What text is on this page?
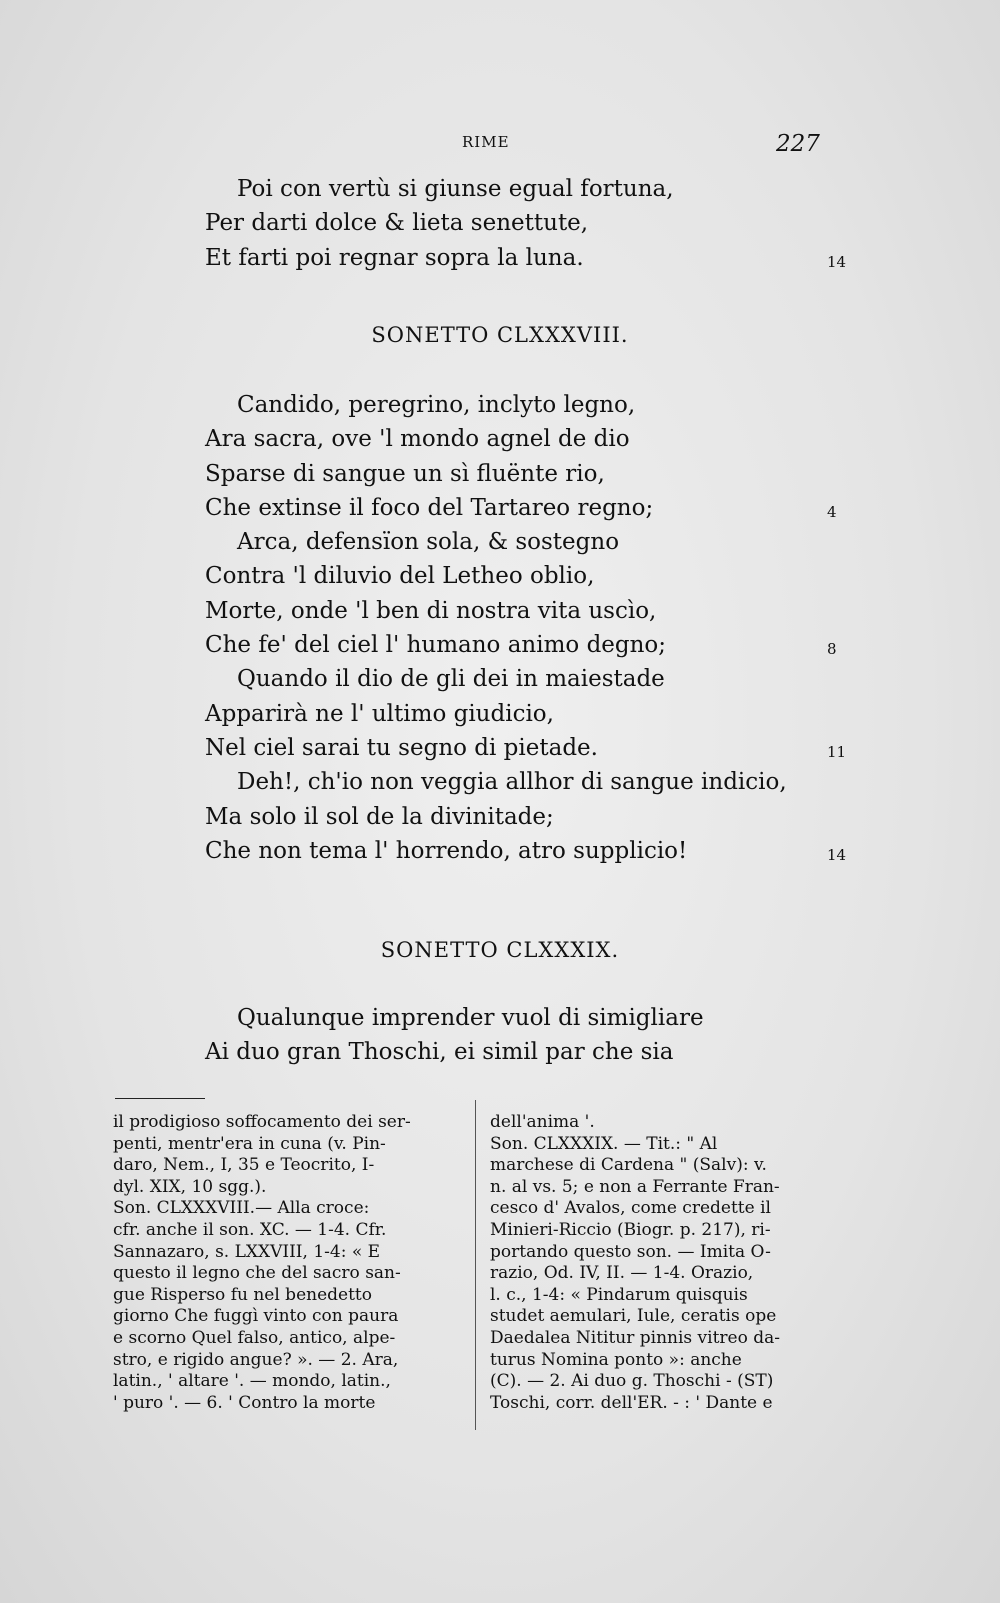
RIME	227
Poi con vertù si giunse egual fortuna,
Per darti dolce & lieta senettute,
Et farti poi regnar sopra la luna.	14
SONETTO CLXXXVIII.
Candido, peregrino, inclyto legno,
Ara sacra, ove 'l mondo agnel de dio
Sparse di sangue un sì fluënte rio,
Che extinse il foco del Tartareo regno;	4
Arca, defensïon sola, & sostegno
Contra 'l diluvio del Letheo oblio,
Morte, onde 'l ben di nostra vita uscìo,
Che fe' del ciel l' humano animo degno;	8
Quando il dio de gli dei in maiestade
Apparirà ne l' ultimo giudicio,
Nel ciel sarai tu segno di pietade.	11
Deh!, ch'io non veggia allhor di sangue indicio,
Ma solo il sol de la divinitade;
Che non tema l' horrendo, atro supplicio!	14
SONETTO CLXXXIX.
Qualunque imprender vuol di simigliare
Ai duo gran Thoschi, ei simil par che sia
il prodigioso soffocamento dei ser-
penti, mentr'era in cuna (v. Pin-
daro, Nem., I, 35 e Teocrito, I-
dyl. XIX, 10 sgg.).
Son. CLXXXVIII.— Alla croce:
cfr. anche il son. XC. — 1-4. Cfr.
Sannazaro, s. LXXVIII, 1-4: « E
questo il legno che del sacro san-
gue Risperso fu nel benedetto
giorno Che fuggì vinto con paura
e scorno Quel falso, antico, alpe-
stro, e rigido angue? ». — 2. Ara,
latin., ' altare '. — mondo, latin.,
' puro '. — 6. ' Contro la morte
dell'anima '.
Son. CLXXXIX. — Tit.: " Al
marchese di Cardena " (Salv): v.
n. al vs. 5; e non a Ferrante Fran-
cesco d' Avalos, come credette il
Minieri-Riccio (Biogr. p. 217), ri-
portando questo son. — Imita O-
razio, Od. IV, II. — 1-4. Orazio,
l. c., 1-4: « Pindarum quisquis
studet aemulari, Iule, ceratis ope
Daedalea Nititur pinnis vitreo da-
turus Nomina ponto »: anche
(C). — 2. Ai duo g. Thoschi - (ST)
Toschi, corr. dell'ER. - : ' Dante e
